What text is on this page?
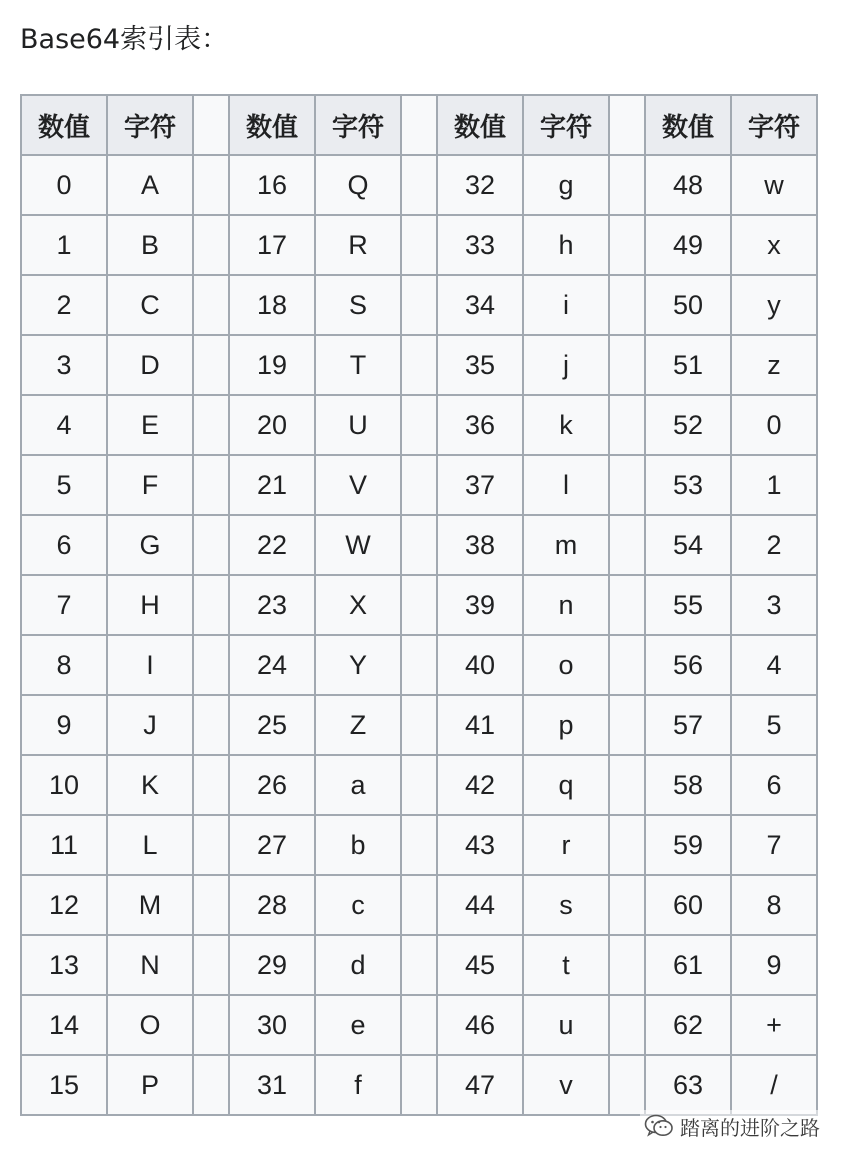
Base64索引表：
数值	字符		数值	字符		数值	字符		数值	字符
0	A		16	Q		32	g		48	w
1	B		17	R		33	h		49	x
2	C		18	S		34	i		50	y
3	D		19	T		35	j		51	z
4	E		20	U		36	k		52	0
5	F		21	V		37	l		53	1
6	G		22	W		38	m		54	2
7	H		23	X		39	n		55	3
8	I		24	Y		40	o		56	4
9	J		25	Z		41	p		57	5
10	K		26	a		42	q		58	6
11	L		27	b		43	r		59	7
12	M		28	c		44	s		60	8
13	N		29	d		45	t		61	9
14	O		30	e		46	u		62	+
15	P		31	f		47	v		63	/
踏离的进阶之路
